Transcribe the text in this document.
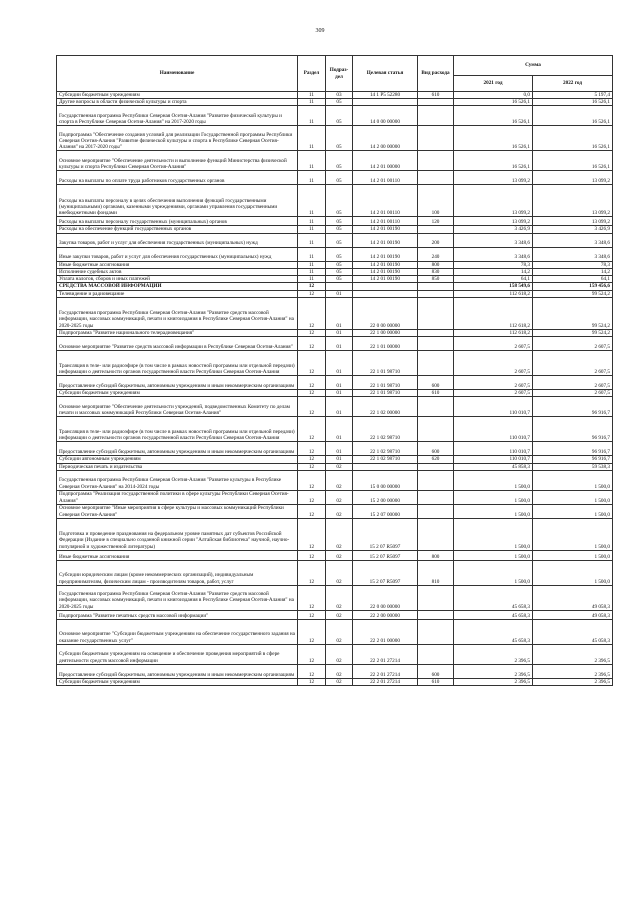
309
Наименование	Раздел	Подраз-дел	Целевая статья	Вид расхода	Сумма	
					2021 год	2022 год
Субсидии бюджетным учреждениям	11	03	14 1 P5 52280	610	0,0	5 197,4
Другие вопросы в области физической культуры и спорта	11	05			16 526,1	16 526,1
Государственная программа Республики Северная Осетия-Алания "Развитие физической культуры и спорта в Республике Северная Осетия-Алания" на 2017-2020 годы	11	05	14 0 00 00000		16 526,1	16 526,1
Подпрограмма "Обеспечение создания условий для реализации Государственной программы Республики Северная Осетия-Алания "Развитие физической культуры и спорта в Республике Северная Осетия-Алания" на 2017-2020 годы"	11	05	14 2 00 00000		16 526,1	16 526,1
Основное мероприятие "Обеспечение деятельности и выполнение функций Министерства физической культуры и спорта Республики Северная Осетия-Алания"	11	05	14 2 01 00000		16 526,1	16 526,1
Расходы на выплаты по оплате труда работников государственных органов	11	05	14 2 01 00110		13 099,2	13 099,2
Расходы на выплаты персоналу в целях обеспечения выполнения функций государственными (муниципальными) органами, казенными учреждениями, органами управления государственными внебюджетными фондами	11	05	14 2 01 00110	100	13 099,2	13 099,2
Расходы на выплаты персоналу государственных (муниципальных) органов	11	05	14 2 01 00110	120	13 099,2	13 099,2
Расходы на обеспечение функций государственных органов	11	05	14 2 01 00190		3 426,9	3 426,9
Закупка товаров, работ и услуг для обеспечения государственных (муниципальных) нужд	11	05	14 2 01 00190	200	3 348,6	3 348,6
Иные закупки товаров, работ и услуг для обеспечения государственных (муниципальных) нужд	11	05	14 2 01 00190	240	3 348,6	3 348,6
Иные бюджетные ассигнования	11	05	14 2 01 00190	800	78,3	78,3
Исполнение судебных актов	11	05	14 2 01 00190	830	14,2	14,2
Уплата налогов, сборов и иных платежей	11	05	14 2 01 00190	850	64,1	64,1
СРЕДСТВА МАССОВОЙ ИНФОРМАЦИИ	12				158 549,6	159 456,6
Телевидение и радиовещание	12	01			112 618,2	99 524,2
Государственная программа Республики Северная Осетия-Алания "Развитие средств массовой информации, массовых коммуникаций, печати и книгоиздания в Республике Северная Осетия-Алания" на 2020-2025 годы	12	01	22 0 00 00000		112 618,2	99 524,2
Подпрограмма "Развитие национального телерадиовещания"	12	01	22 1 00 00000		112 618,2	99 524,2
Основное мероприятие "Развитие средств массовой информации в Республике Северная Осетия-Алания"	12	01	22 1 01 00000		2 607,5	2 607,5
Трансляция в теле- или радиоэфире (в том числе в рамках новостной программы или отдельной передачи) информации о деятельности органов государственной власти Республики Северная Осетия-Алания	12	01	22 1 01 98710		2 607,5	2 607,5
Предоставление субсидий бюджетным, автономным учреждениям и иным некоммерческим организациям	12	01	22 1 01 98710	600	2 607,5	2 607,5
Субсидии бюджетным учреждениям	12	01	22 1 01 98710	610	2 607,5	2 607,5
Основное мероприятие "Обеспечение деятельности учреждений, подведомственных Комитету по делам печати и массовых коммуникаций Республики Северная Осетия-Алания"	12	01	22 1 02 00000		110 010,7	96 916,7
Трансляция в теле- или радиоэфире (в том числе в рамках новостной программы или отдельной передачи) информации о деятельности органов государственной власти Республики Северная Осетия-Алания	12	01	22 1 02 98710		110 010,7	96 916,7
Предоставление субсидий бюджетным, автономным учреждениям и иным некоммерческим организациям	12	01	22 1 02 98710	600	110 010,7	96 916,7
Субсидии автономным учреждениям	12	01	22 1 02 98710	620	110 010,7	96 916,7
Периодическая печать и издательства	12	02			45 858,3	59 538,3
Государственная программа Республики Северная Осетия-Алания "Развитие культуры в Республике Северная Осетия-Алания" на 2014-2024 годы	12	02	15 0 00 00000		1 500,0	1 500,0
Подпрограмма "Реализация государственной политики в сфере культуры Республики Северная Осетия-Алания"	12	02	15 2 00 00000		1 500,0	1 500,0
Основное мероприятие "Иные мероприятия в сфере культуры и массовых коммуникаций Республики Северная Осетия-Алания"	12	02	15 2 07 00000		1 500,0	1 500,0
Подготовка и проведение празднования на федеральном уровне памятных дат субъектов Российской Федерации (Издание в специально созданной книжной серии "Алтайская библиотека" научной, научно-популярной и художественной литературы)	12	02	15 2 07 R5097		1 500,0	1 500,0
Иные бюджетные ассигнования	12	02	15 2 07 R5097	800	1 500,0	1 500,0
Субсидии юридическим лицам (кроме некоммерческих организаций), индивидуальным предпринимателям, физическим лицам - производителям товаров, работ, услуг	12	02	15 2 07 R5097	810	1 500,0	1 500,0
Государственная программа Республики Северная Осетия-Алания "Развитие средств массовой информации, массовых коммуникаций, печати и книгоиздания в Республике Северная Осетия-Алания" на 2020-2025 годы	12	02	22 0 00 00000		45 658,3	49 058,3
Подпрограмма "Развитие печатных средств массовой информации"	12	02	22 2 00 00000		45 658,3	49 058,3
Основное мероприятие "Субсидии бюджетным учреждениям на обеспечение государственного задания на оказание государственных услуг"	12	02	22 2 01 00000		45 658,3	45 058,3
Субсидии бюджетным учреждениям на освещение и обеспечение проведения мероприятий в сфере деятельности средств массовой информации	12	02	22 2 01 27214		2 396,5	2 396,5
Предоставление субсидий бюджетным, автономным учреждениям и иным некоммерческим организациям	12	02	22 2 01 27214	600	2 396,5	2 396,5
Субсидии бюджетным учреждениям	12	02	22 2 01 27214	610	2 396,5	2 396,5
